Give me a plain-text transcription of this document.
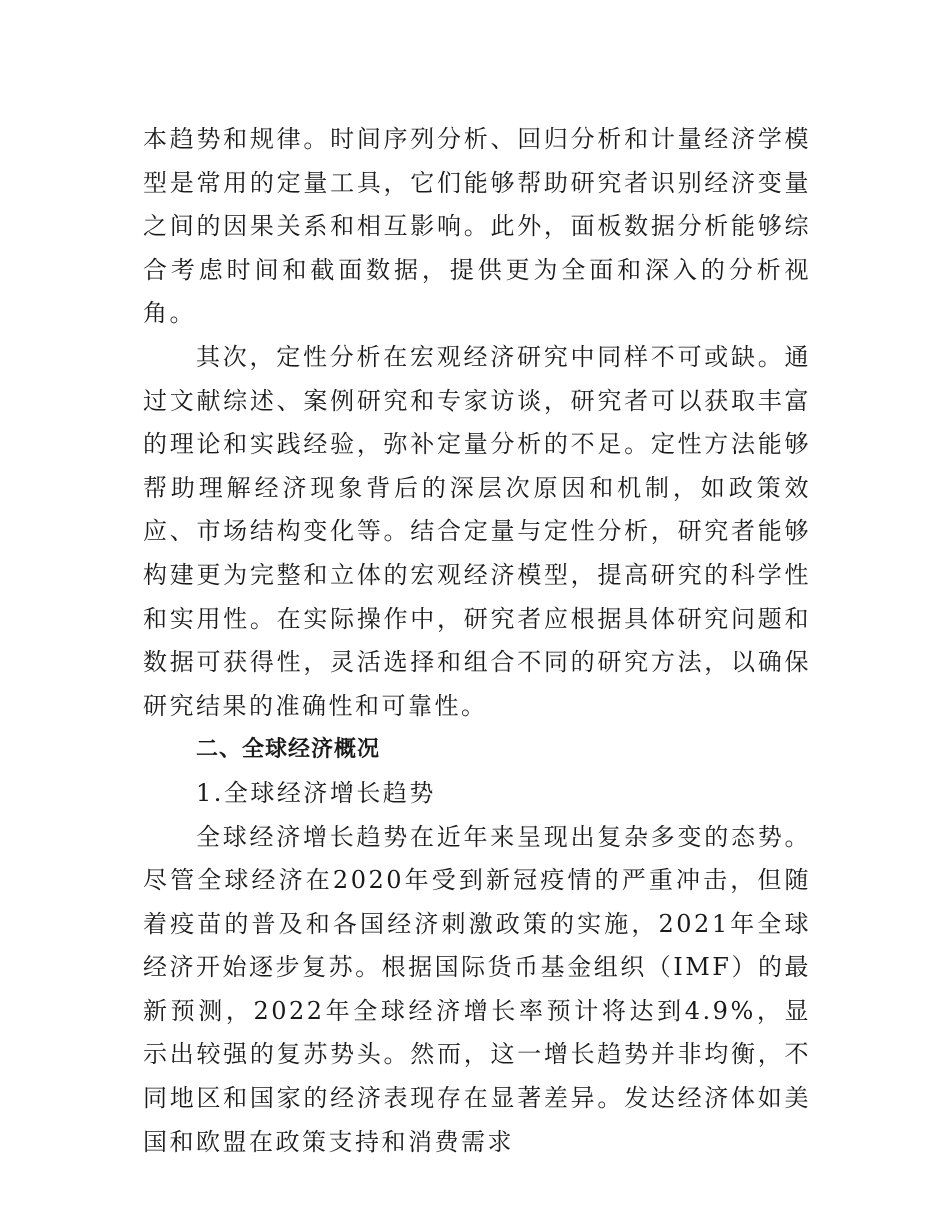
本趋势和规律。时间序列分析、回归分析和计量经济学模型是常用的定量工具，它们能够帮助研究者识别经济变量之间的因果关系和相互影响。此外，面板数据分析能够综合考虑时间和截面数据，提供更为全面和深入的分析视角。

其次，定性分析在宏观经济研究中同样不可或缺。通过文献综述、案例研究和专家访谈，研究者可以获取丰富的理论和实践经验，弥补定量分析的不足。定性方法能够帮助理解经济现象背后的深层次原因和机制，如政策效应、市场结构变化等。结合定量与定性分析，研究者能够构建更为完整和立体的宏观经济模型，提高研究的科学性和实用性。在实际操作中，研究者应根据具体研究问题和数据可获得性，灵活选择和组合不同的研究方法，以确保研究结果的准确性和可靠性。

二、全球经济概况

1.全球经济增长趋势

全球经济增长趋势在近年来呈现出复杂多变的态势。尽管全球经济在2020年受到新冠疫情的严重冲击，但随着疫苗的普及和各国经济刺激政策的实施，2021年全球经济开始逐步复苏。根据国际货币基金组织（IMF）的最新预测，2022年全球经济增长率预计将达到4.9%，显示出较强的复苏势头。然而，这一增长趋势并非均衡，不同地区和国家的经济表现存在显著差异。发达经济体如美国和欧盟在政策支持和消费需求
